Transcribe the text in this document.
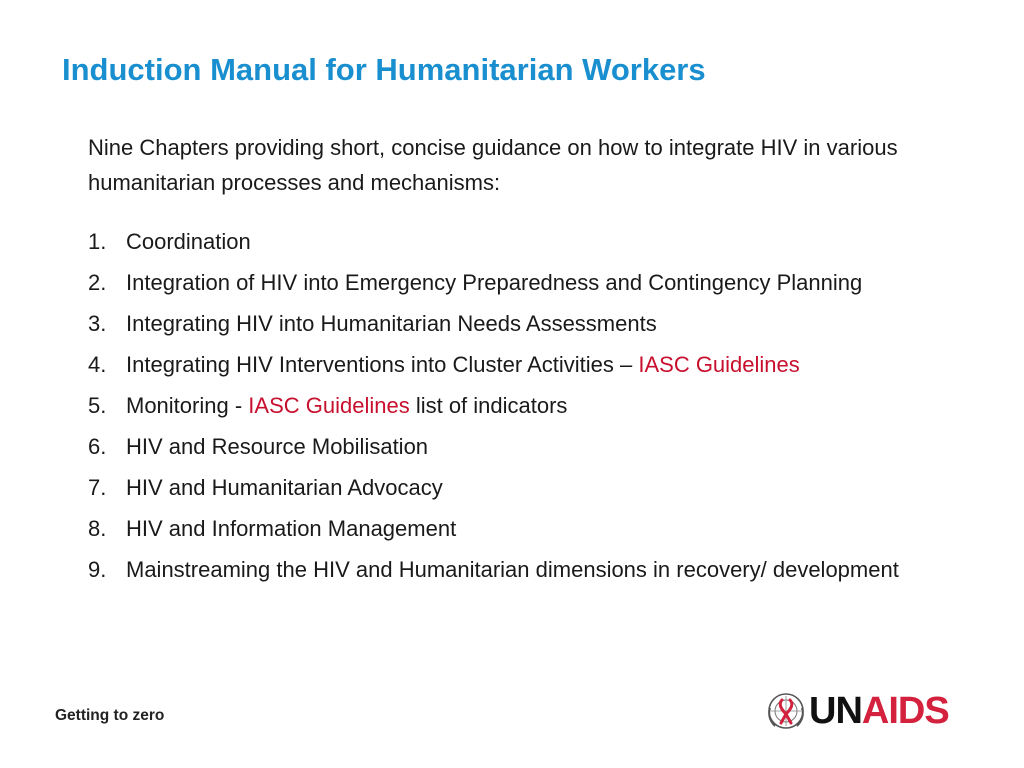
Induction Manual for Humanitarian Workers

Nine Chapters providing short, concise guidance on how to integrate HIV in various humanitarian processes and mechanisms:

1. Coordination
2. Integration of HIV into Emergency Preparedness and Contingency Planning
3. Integrating HIV into Humanitarian Needs Assessments
4. Integrating HIV Interventions into Cluster Activities – IASC Guidelines
5. Monitoring - IASC Guidelines list of indicators
6. HIV and Resource Mobilisation
7. HIV and Humanitarian Advocacy
8. HIV and Information Management
9. Mainstreaming the HIV and Humanitarian dimensions in recovery/ development

Getting to zero	UN AIDS
